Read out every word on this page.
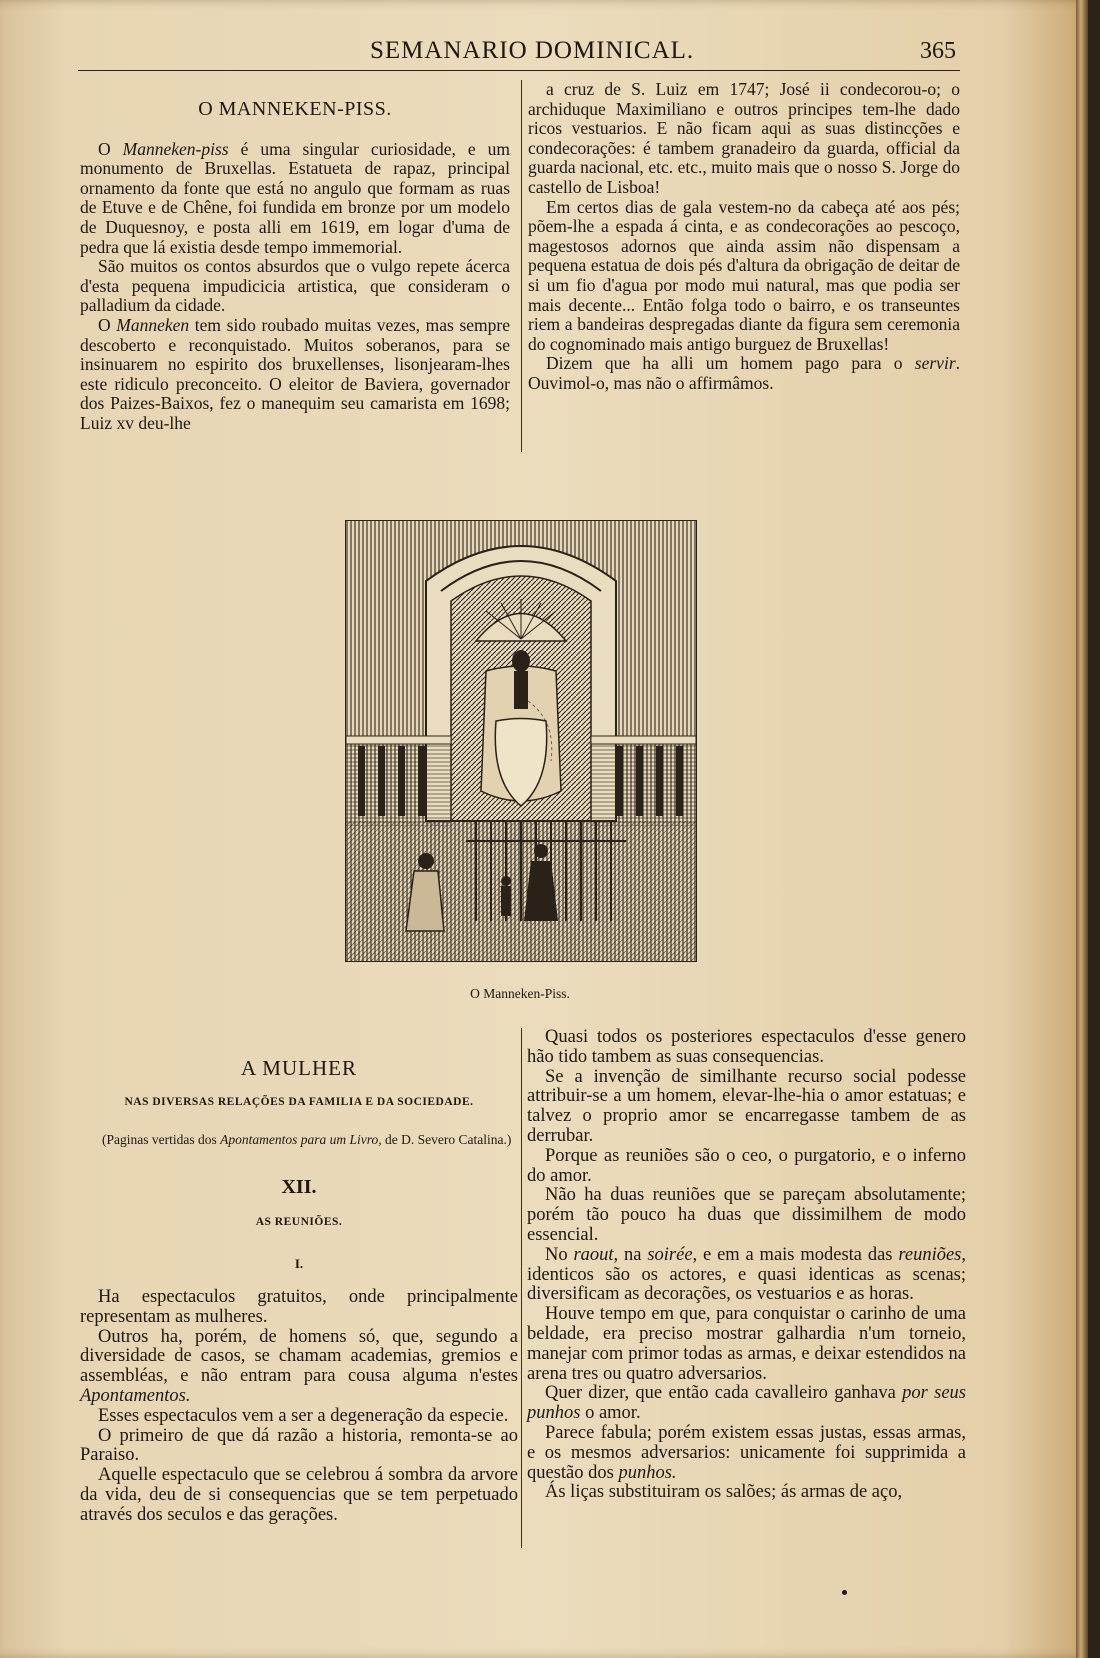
SEMANARIO DOMINICAL.	365
O MANNEKEN-PISS.

O Manneken-piss é uma singular curiosidade, e um monumento de Bruxellas. Estatueta de rapaz, principal ornamento da fonte que está no angulo que formam as ruas de Etuve e de Chêne, foi fundida em bronze por um modelo de Duquesnoy, e posta alli em 1619, em logar d'uma de pedra que lá existia desde tempo immemorial.

São muitos os contos absurdos que o vulgo repete ácerca d'esta pequena impudicicia artistica, que consideram o palladium da cidade.

O Manneken tem sido roubado muitas vezes, mas sempre descoberto e reconquistado. Muitos soberanos, para se insinuarem no espirito dos bruxellenses, lisonjearam-lhes este ridiculo preconceito. O eleitor de Baviera, governador dos Paizes-Baixos, fez o manequim seu camarista em 1698; Luiz xv deu-lhe

a cruz de S. Luiz em 1747; José ii condecorou-o; o archiduque Maximiliano e outros principes tem-lhe dado ricos vestuarios. E não ficam aqui as suas distincções e condecorações: é tambem granadeiro da guarda, official da guarda nacional, etc. etc., muito mais que o nosso S. Jorge do castello de Lisboa!

Em certos dias de gala vestem-no da cabeça até aos pés; põem-lhe a espada á cinta, e as condecorações ao pescoço, magestosos adornos que ainda assim não dispensam a pequena estatua de dois pés d'altura da obrigação de deitar de si um fio d'agua por modo mui natural, mas que podia ser mais decente... Então folga todo o bairro, e os transeuntes riem a bandeiras despregadas diante da figura sem ceremonia do cognominado mais antigo burguez de Bruxellas!

Dizem que ha alli um homem pago para o servir. Ouvimol-o, mas não o affirmâmos.

O Manneken-Piss.
A MULHER
NAS DIVERSAS RELAÇÕES DA FAMILIA E DA SOCIEDADE.
(Paginas vertidas dos Apontamentos para um Livro, de D. Severo Catalina.)
XII.
AS REUNIÕES.
I.

Ha espectaculos gratuitos, onde principalmente representam as mulheres.

Outros ha, porém, de homens só, que, segundo a diversidade de casos, se chamam academias, gremios e assembléas, e não entram para cousa alguma n'estes Apontamentos.

Esses espectaculos vem a ser a degeneração da especie.

O primeiro de que dá razão a historia, remonta-se ao Paraiso.

Aquelle espectaculo que se celebrou á sombra da arvore da vida, deu de si consequencias que se tem perpetuado através dos seculos e das gerações.

Quasi todos os posteriores espectaculos d'esse genero hão tido tambem as suas consequencias.

Se a invenção de similhante recurso social podesse attribuir-se a um homem, elevar-lhe-hia o amor estatuas; e talvez o proprio amor se encarregasse tambem de as derrubar.

Porque as reuniões são o ceo, o purgatorio, e o inferno do amor.

Não ha duas reuniões que se pareçam absolutamente; porém tão pouco ha duas que dissimilhem de modo essencial.

No raout, na soirée, e em a mais modesta das reuniões, identicos são os actores, e quasi identicas as scenas; diversificam as decorações, os vestuarios e as horas.

Houve tempo em que, para conquistar o carinho de uma beldade, era preciso mostrar galhardia n'um torneio, manejar com primor todas as armas, e deixar estendidos na arena tres ou quatro adversarios.

Quer dizer, que então cada cavalleiro ganhava por seus punhos o amor.

Parece fabula; porém existem essas justas, essas armas, e os mesmos adversarios: unicamente foi supprimida a questão dos punhos.

Ás liças substituiram os salões; ás armas de aço,
